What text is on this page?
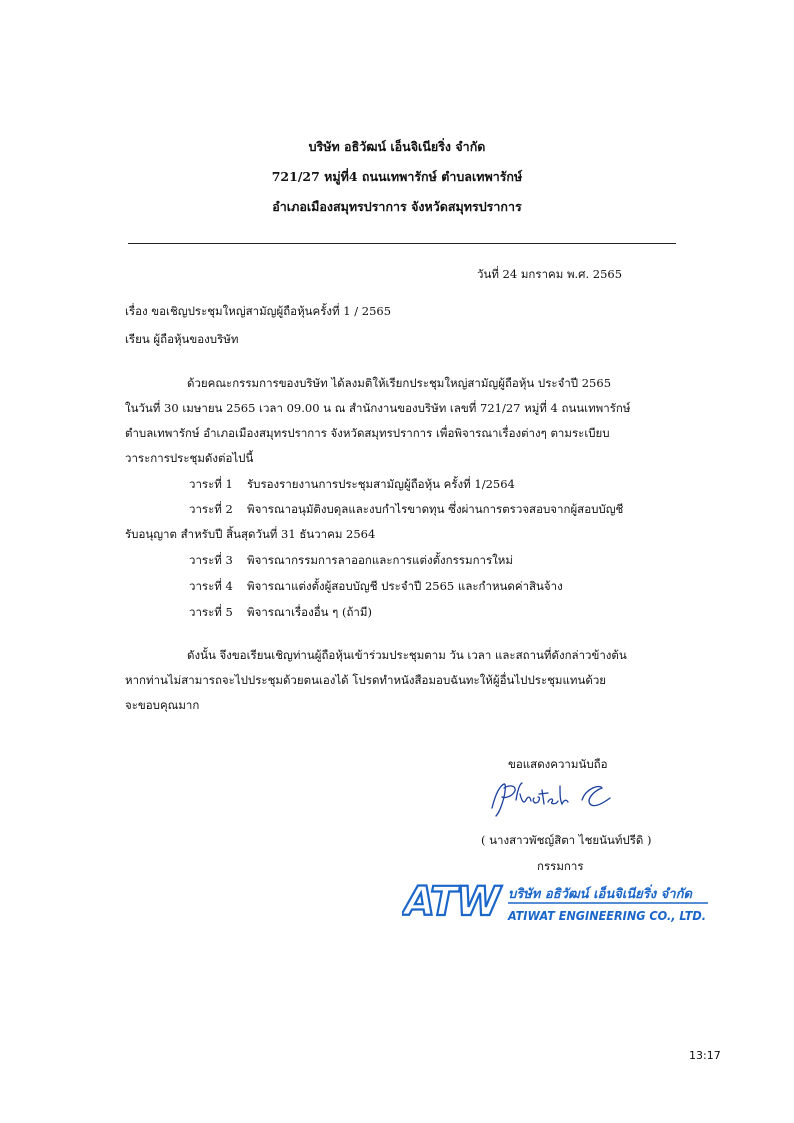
บริษัท อธิวัฒน์ เอ็นจิเนียริ่ง จำกัด
721/27 หมู่ที่4 ถนนเทพารักษ์ ตำบลเทพารักษ์
อำเภอเมืองสมุทรปราการ จังหวัดสมุทรปราการ
วันที่ 24 มกราคม พ.ศ. 2565
เรื่อง ขอเชิญประชุมใหญ่สามัญผู้ถือหุ้นครั้งที่ 1 / 2565
เรียน ผู้ถือหุ้นของบริษัท
ด้วยคณะกรรมการของบริษัท ได้ลงมติให้เรียกประชุมใหญ่สามัญผู้ถือหุ้น ประจำปี 2565
ในวันที่ 30 เมษายน 2565 เวลา 09.00 น ณ สำนักงานของบริษัท เลขที่ 721/27 หมู่ที่ 4 ถนนเทพารักษ์
ตำบลเทพารักษ์ อำเภอเมืองสมุทรปราการ จังหวัดสมุทรปราการ เพื่อพิจารณาเรื่องต่างๆ ตามระเบียบ
วาระการประชุมดังต่อไปนี้
วาระที่ 1 รับรองรายงานการประชุมสามัญผู้ถือหุ้น ครั้งที่ 1/2564
วาระที่ 2 พิจารณาอนุมัติงบดุลและงบกำไรขาดทุน ซึ่งผ่านการตรวจสอบจากผู้สอบบัญชี
รับอนุญาต สำหรับปี สิ้นสุดวันที่ 31 ธันวาคม 2564
วาระที่ 3 พิจารณากรรมการลาออกและการแต่งตั้งกรรมการใหม่
วาระที่ 4 พิจารณาแต่งตั้งผู้สอบบัญชี ประจำปี 2565 และกำหนดค่าสินจ้าง
วาระที่ 5 พิจารณาเรื่องอื่น ๆ (ถ้ามี)
ดังนั้น จึงขอเรียนเชิญท่านผู้ถือหุ้นเข้าร่วมประชุมตาม วัน เวลา และสถานที่ดังกล่าวข้างต้น
หากท่านไม่สามารถจะไปประชุมด้วยตนเองได้ โปรดทำหนังสือมอบฉันทะให้ผู้อื่นไปประชุมแทนด้วย
จะขอบคุณมาก
ขอแสดงความนับถือ
( นางสาวพัชญ์สิตา ไชยนันท์ปรีดิ )
กรรมการ
ATW บริษัท อธิวัฒน์ เอ็นจิเนียริ่ง จำกัด
ATIWAT ENGINEERING CO., LTD.
13:17
